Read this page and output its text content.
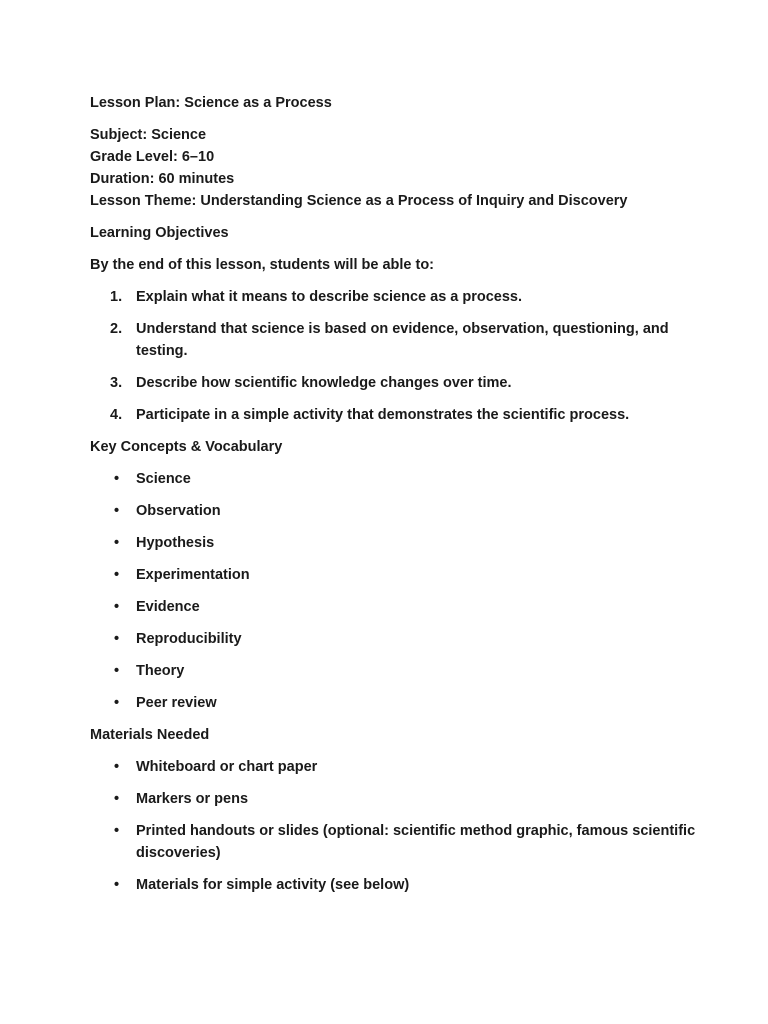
Lesson Plan: Science as a Process

Subject: Science
Grade Level: 6–10
Duration: 60 minutes
Lesson Theme: Understanding Science as a Process of Inquiry and Discovery

Learning Objectives

By the end of this lesson, students will be able to:

1. Explain what it means to describe science as a process.
2. Understand that science is based on evidence, observation, questioning, and testing.
3. Describe how scientific knowledge changes over time.
4. Participate in a simple activity that demonstrates the scientific process.

Key Concepts & Vocabulary

• Science
• Observation
• Hypothesis
• Experimentation
• Evidence
• Reproducibility
• Theory
• Peer review

Materials Needed

• Whiteboard or chart paper
• Markers or pens
• Printed handouts or slides (optional: scientific method graphic, famous scientific discoveries)
• Materials for simple activity (see below)
